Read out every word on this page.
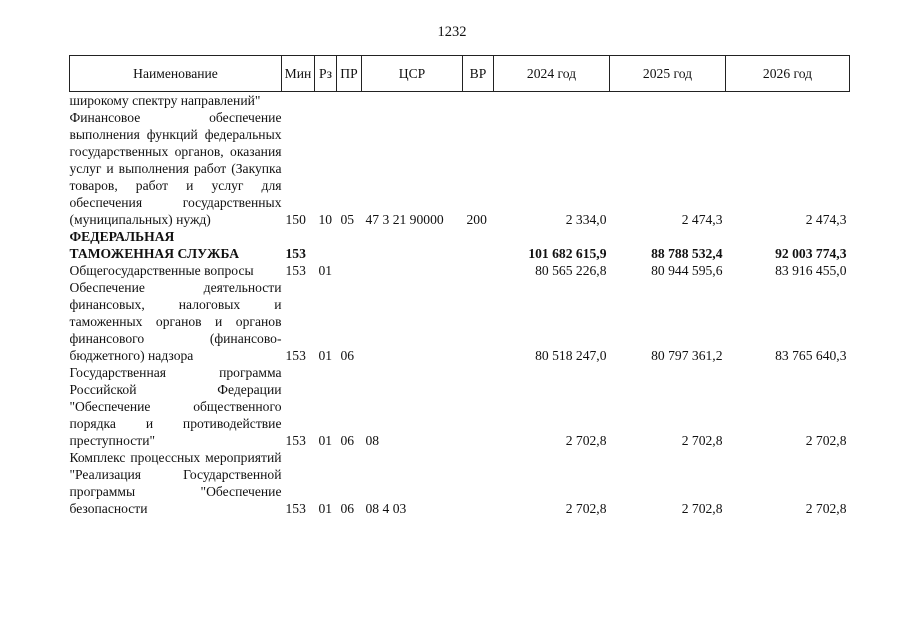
1232
Наименование	Мин	Рз	ПР	ЦСР	ВР	2024 год	2025 год	2026 год
широкому спектру направлений"								
Финансовое обеспечение выполнения функций федеральных государственных органов, оказания услуг и выполнения работ (Закупка товаров, работ и услуг для обеспечения государственных (муниципальных) нужд)	150	10	05	47 3 21 90000	200	2 334,0	2 474,3	2 474,3
ФЕДЕРАЛЬНАЯ ТАМОЖЕННАЯ СЛУЖБА	153					101 682 615,9	88 788 532,4	92 003 774,3
Общегосударственные вопросы	153	01				80 565 226,8	80 944 595,6	83 916 455,0
Обеспечение деятельности финансовых, налоговых и таможенных органов и органов финансового (финансово-бюджетного) надзора	153	01	06			80 518 247,0	80 797 361,2	83 765 640,3
Государственная программа Российской Федерации "Обеспечение общественного порядка и противодействие преступности"	153	01	06	08		2 702,8	2 702,8	2 702,8
Комплекс процессных мероприятий "Реализация Государственной программы "Обеспечение безопасности	153	01	06	08 4 03		2 702,8	2 702,8	2 702,8
